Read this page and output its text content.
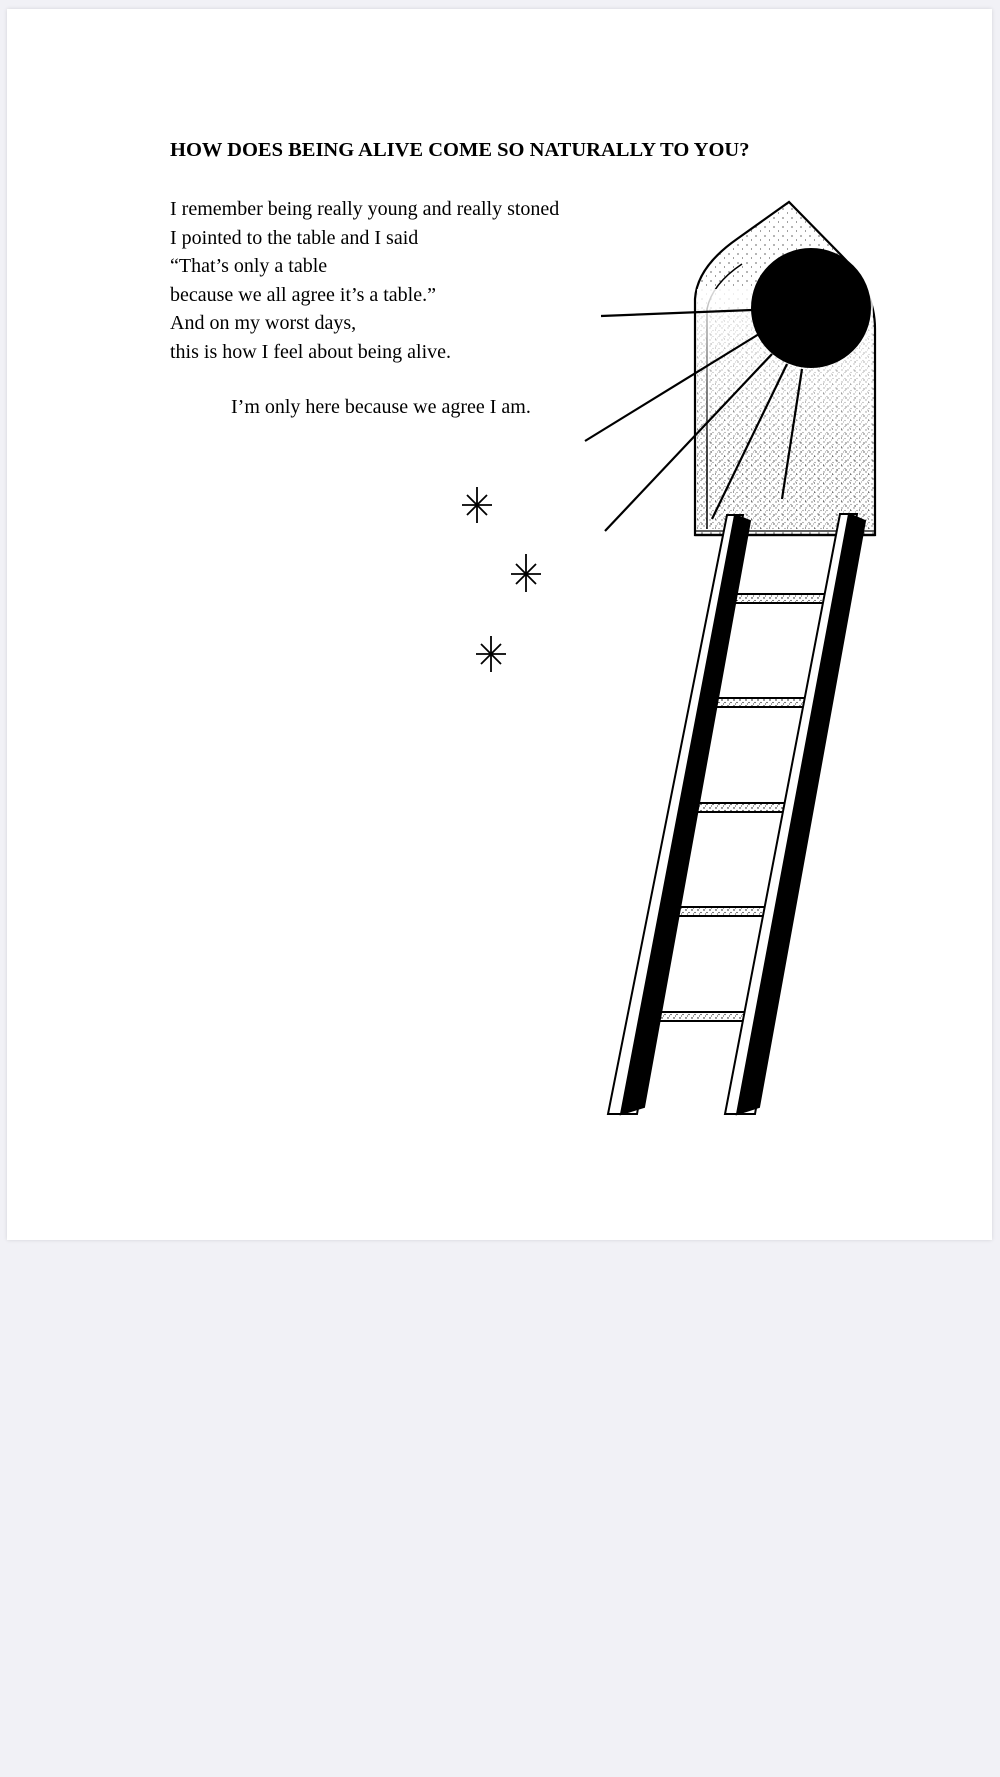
HOW DOES BEING ALIVE COME SO NATURALLY TO YOU?
I remember being really young and really stoned
I pointed to the table and I said
“That’s only a table
because we all agree it’s a table.”
And on my worst days,
this is how I feel about being alive.
I’m only here because we agree I am.
